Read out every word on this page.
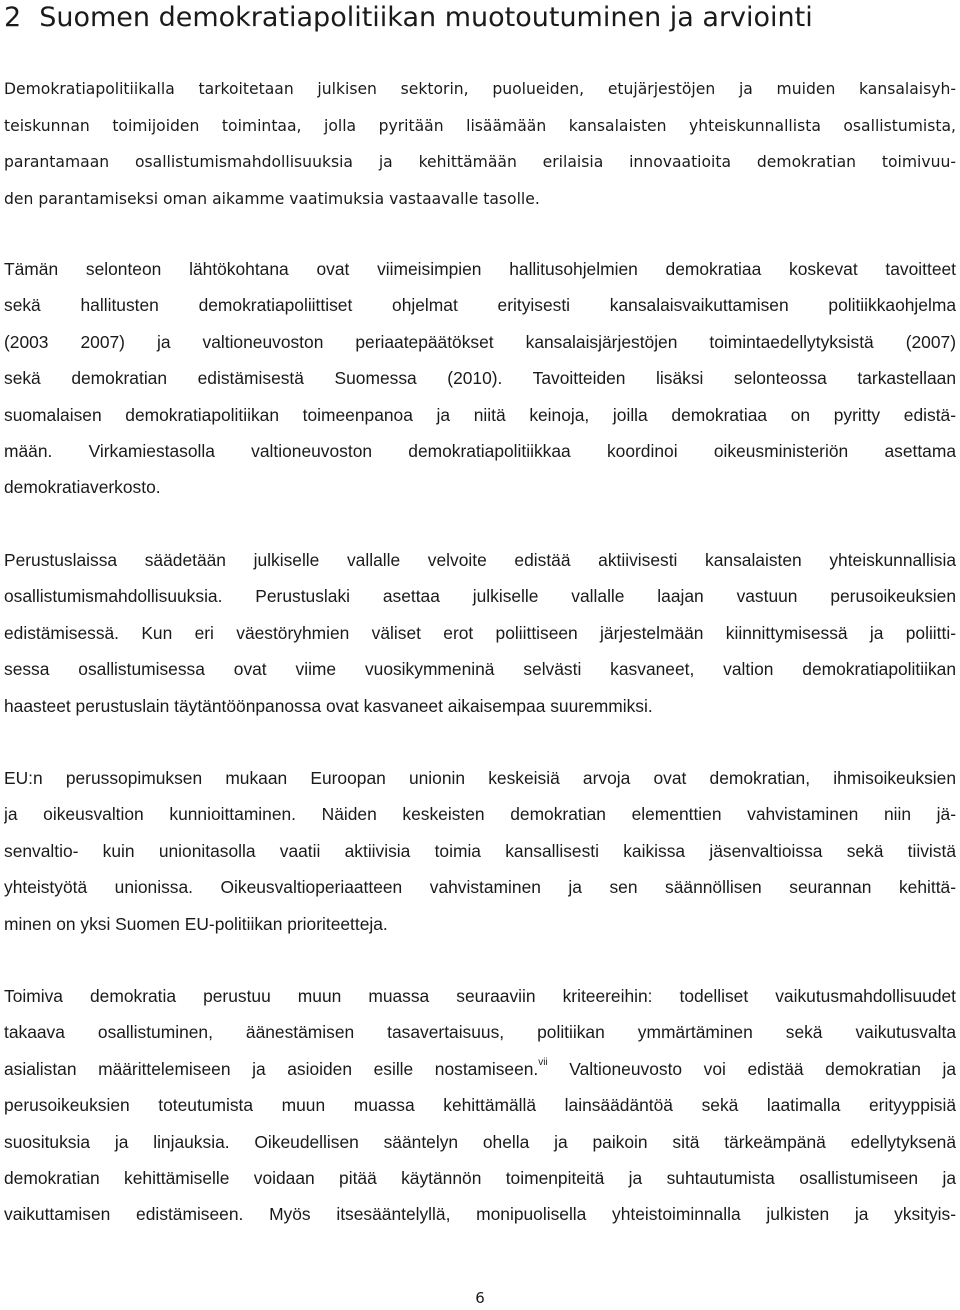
2 Suomen demokratiapolitiikan muotoutuminen ja arviointi
Demokratiapolitiikalla tarkoitetaan julkisen sektorin, puolueiden, etujärjestöjen ja muiden kansalaisyh-
teiskunnan toimijoiden toimintaa, jolla pyritään lisäämään kansalaisten yhteiskunnallista osallistumista,
parantamaan osallistumismahdollisuuksia ja kehittämään erilaisia innovaatioita demokratian toimivuu-
den parantamiseksi oman aikamme vaatimuksia vastaavalle tasolle.
Tämän selonteon lähtökohtana ovat viimeisimpien hallitusohjelmien demokratiaa koskevat tavoitteet
sekä hallitusten demokratiapoliittiset ohjelmat erityisesti kansalaisvaikuttamisen politiikkaohjelma
(2003 2007) ja valtioneuvoston periaatepäätökset kansalaisjärjestöjen toimintaedellytyksistä (2007)
sekä demokratian edistämisestä Suomessa (2010). Tavoitteiden lisäksi selonteossa tarkastellaan
suomalaisen demokratiapolitiikan toimeenpanoa ja niitä keinoja, joilla demokratiaa on pyritty edistä-
mään. Virkamiestasolla valtioneuvoston demokratiapolitiikkaa koordinoi oikeusministeriön asettama
demokratiaverkosto.
Perustuslaissa säädetään julkiselle vallalle velvoite edistää aktiivisesti kansalaisten yhteiskunnallisia
osallistumismahdollisuuksia. Perustuslaki asettaa julkiselle vallalle laajan vastuun perusoikeuksien
edistämisessä. Kun eri väestöryhmien väliset erot poliittiseen järjestelmään kiinnittymisessä ja poliitti-
sessa osallistumisessa ovat viime vuosikymmeninä selvästi kasvaneet, valtion demokratiapolitiikan
haasteet perustuslain täytäntöönpanossa ovat kasvaneet aikaisempaa suuremmiksi.
EU:n perussopimuksen mukaan Euroopan unionin keskeisiä arvoja ovat demokratian, ihmisoikeuksien
ja oikeusvaltion kunnioittaminen. Näiden keskeisten demokratian elementtien vahvistaminen niin jä-
senvaltio- kuin unionitasolla vaatii aktiivisia toimia kansallisesti kaikissa jäsenvaltioissa sekä tiivistä
yhteistyötä unionissa. Oikeusvaltioperiaatteen vahvistaminen ja sen säännöllisen seurannan kehittä-
minen on yksi Suomen EU-politiikan prioriteetteja.
Toimiva demokratia perustuu muun muassa seuraaviin kriteereihin: todelliset vaikutusmahdollisuudet
takaava osallistuminen, äänestämisen tasavertaisuus, politiikan ymmärtäminen sekä vaikutusvalta
asialistan määrittelemiseen ja asioiden esille nostamiseen.$^{vii}$ Valtioneuvosto voi edistää demokratian ja
perusoikeuksien toteutumista muun muassa kehittämällä lainsäädäntöä sekä laatimalla erityyppisiä
suosituksia ja linjauksia. Oikeudellisen sääntelyn ohella ja paikoin sitä tärkeämpänä edellytyksenä
demokratian kehittämiselle voidaan pitää käytännön toimenpiteitä ja suhtautumista osallistumiseen ja
vaikuttamisen edistämiseen. Myös itsesääntelyllä, monipuolisella yhteistoiminnalla julkisten ja yksityis-
6
